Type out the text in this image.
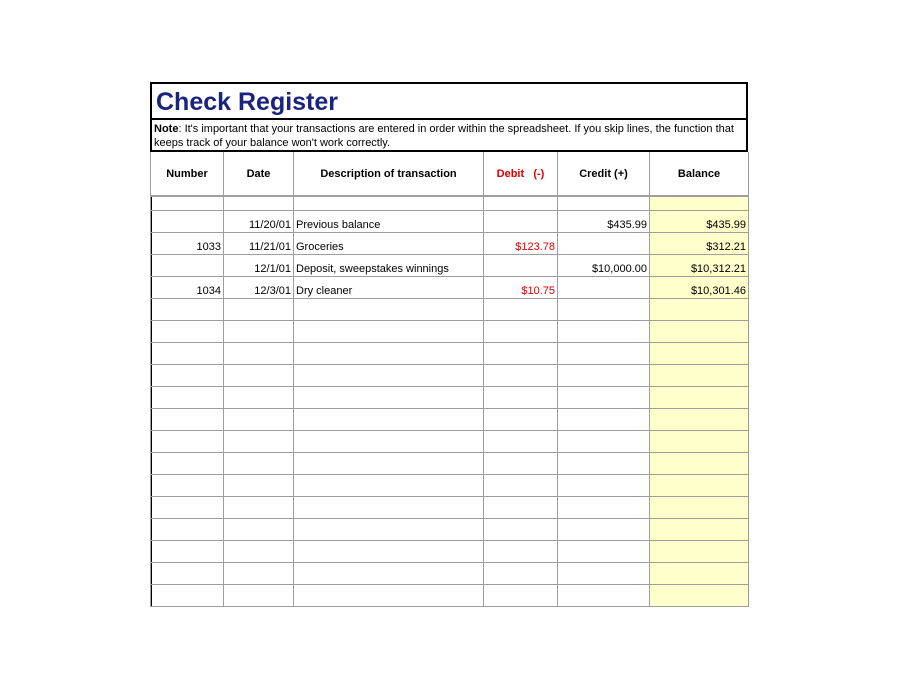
Check Register
Note: It's important that your transactions are entered in order within the spreadsheet. If you skip lines, the function that keeps track of your balance won't work correctly.
Number	Date	Description of transaction	Debit   (-)	Credit (+)	Balance

	11/20/01	Previous balance		$435.99	$435.99
1033	11/21/01	Groceries	$123.78		$312.21
	12/1/01	Deposit, sweepstakes winnings		$10,000.00	$10,312.21
1034	12/3/01	Dry cleaner	$10.75		$10,301.46
